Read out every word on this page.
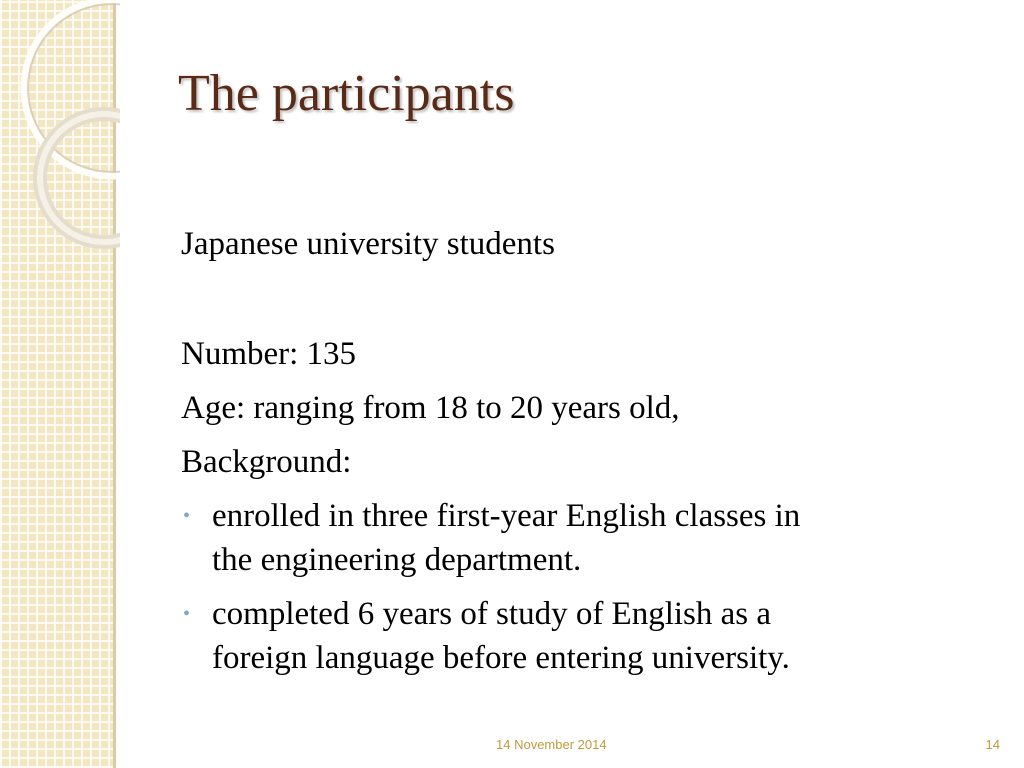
The participants

Japanese university students

Number: 135

Age: ranging from 18 to 20 years old,

Background:

• enrolled in three first-year English classes in
the engineering department.
• completed 6 years of study of English as a
foreign language before entering university.
14 November 2014	14
